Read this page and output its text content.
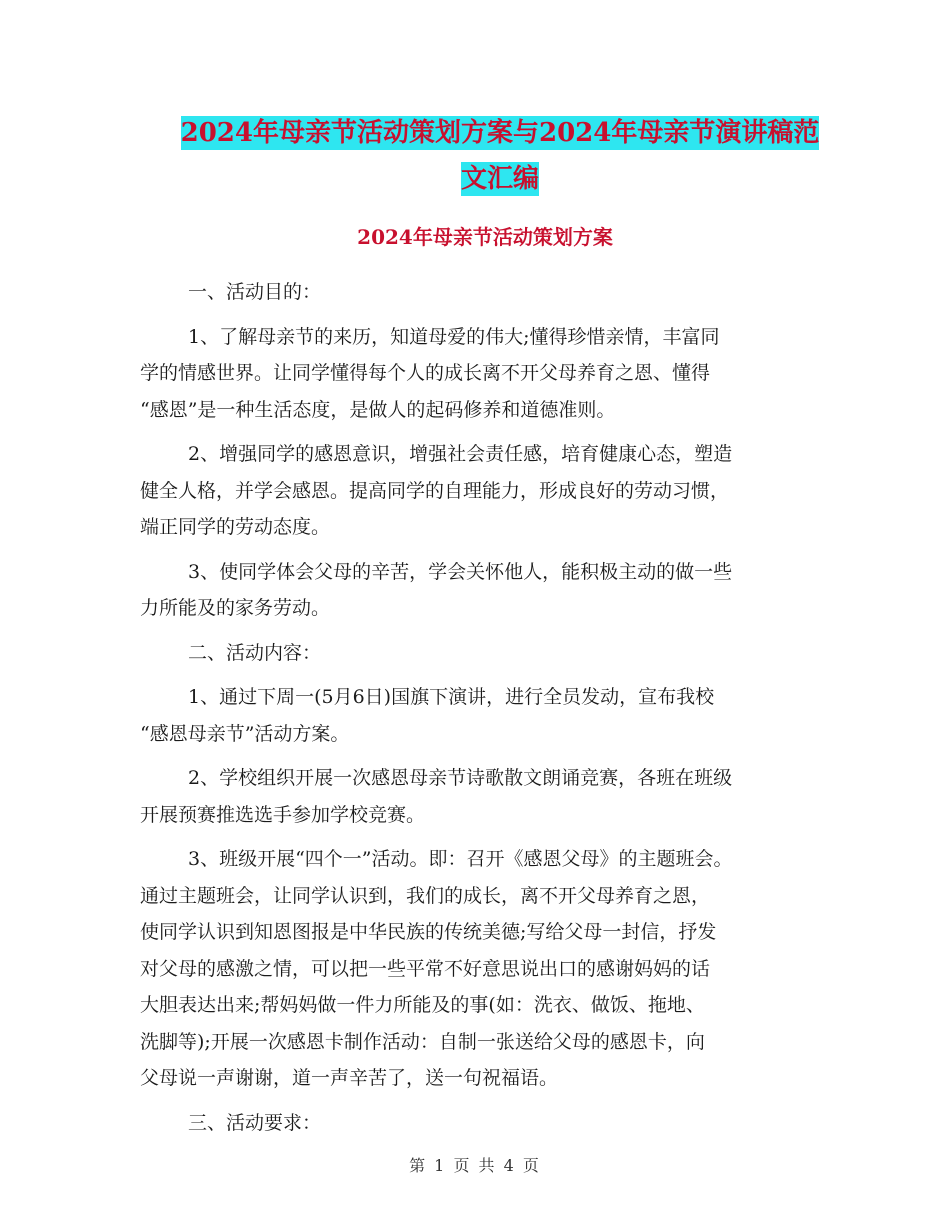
2024年母亲节活动策划方案与2024年母亲节演讲稿范
文汇编
2024年母亲节活动策划方案

一、活动目的：

1、了解母亲节的来历，知道母爱的伟大;懂得珍惜亲情，丰富同
学的情感世界。让同学懂得每个人的成长离不开父母养育之恩、懂得
“感恩”是一种生活态度，是做人的起码修养和道德准则。

2、增强同学的感恩意识，增强社会责任感，培育健康心态，塑造
健全人格，并学会感恩。提高同学的自理能力，形成良好的劳动习惯，
端正同学的劳动态度。

3、使同学体会父母的辛苦，学会关怀他人，能积极主动的做一些
力所能及的家务劳动。

二、活动内容：

1、通过下周一(5月6日)国旗下演讲，进行全员发动，宣布我校
“感恩母亲节”活动方案。

2、学校组织开展一次感恩母亲节诗歌散文朗诵竞赛，各班在班级
开展预赛推选选手参加学校竞赛。

3、班级开展“四个一”活动。即：召开《感恩父母》的主题班会。
通过主题班会，让同学认识到，我们的成长，离不开父母养育之恩，
使同学认识到知恩图报是中华民族的传统美德;写给父母一封信，抒发
对父母的感激之情，可以把一些平常不好意思说出口的感谢妈妈的话
大胆表达出来;帮妈妈做一件力所能及的事(如：洗衣、做饭、拖地、
洗脚等);开展一次感恩卡制作活动：自制一张送给父母的感恩卡，向
父母说一声谢谢，道一声辛苦了，送一句祝福语。

三、活动要求：

第 1 页 共 4 页
